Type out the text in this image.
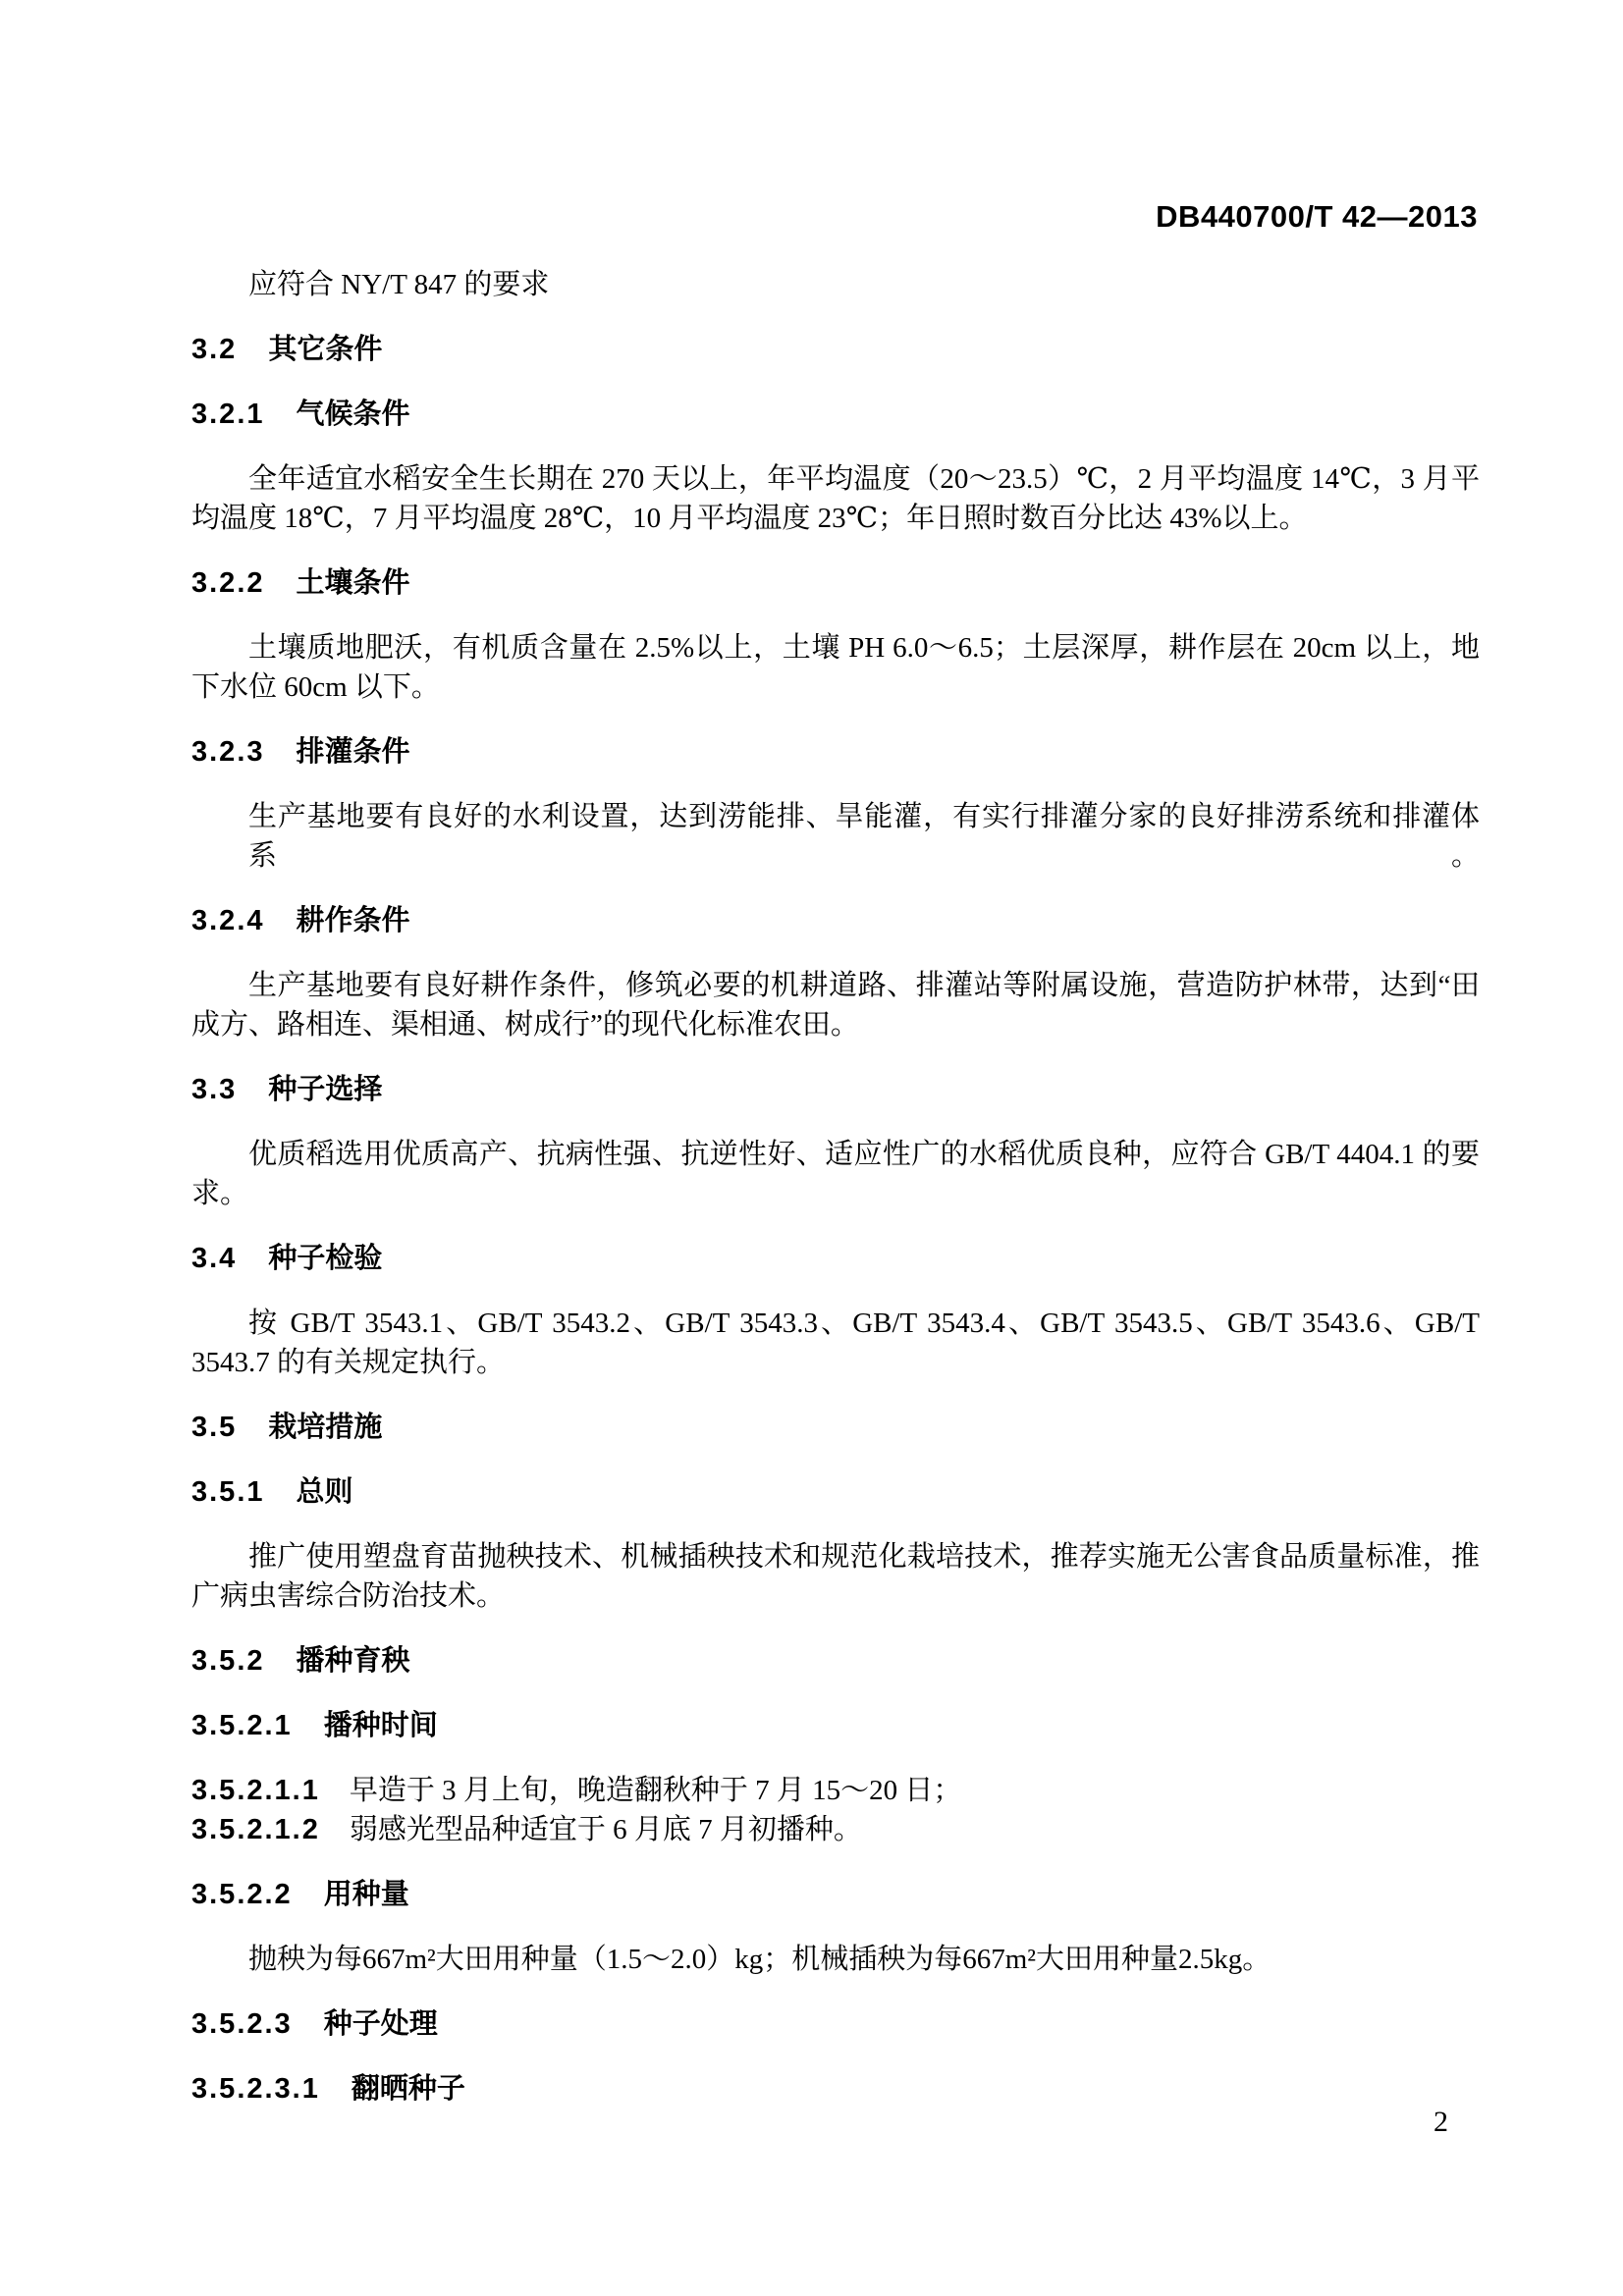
DB440700/T 42—2013
应符合 NY/T 847 的要求
3.2 其它条件
3.2.1 气候条件
全年适宜水稻安全生长期在 270 天以上，年平均温度（20～23.5）℃，2 月平均温度 14℃，3 月平
均温度 18℃，7 月平均温度 28℃，10 月平均温度 23℃；年日照时数百分比达 43%以上。
3.2.2 土壤条件
土壤质地肥沃，有机质含量在 2.5%以上，土壤 PH 6.0～6.5；土层深厚，耕作层在 20cm 以上，地
下水位 60cm 以下。
3.2.3 排灌条件
生产基地要有良好的水利设置，达到涝能排、旱能灌，有实行排灌分家的良好排涝系统和排灌体系。
3.2.4 耕作条件
生产基地要有良好耕作条件，修筑必要的机耕道路、排灌站等附属设施，营造防护林带，达到“田
成方、路相连、渠相通、树成行”的现代化标准农田。
3.3 种子选择
优质稻选用优质高产、抗病性强、抗逆性好、适应性广的水稻优质良种，应符合 GB/T 4404.1 的要
求。
3.4 种子检验
按 GB/T 3543.1、GB/T 3543.2、GB/T 3543.3、GB/T 3543.4、GB/T 3543.5、GB/T 3543.6、GB/T
3543.7 的有关规定执行。
3.5 栽培措施
3.5.1 总则
推广使用塑盘育苗抛秧技术、机械插秧技术和规范化栽培技术，推荐实施无公害食品质量标准，推
广病虫害综合防治技术。
3.5.2 播种育秧
3.5.2.1 播种时间
3.5.2.1.1 早造于 3 月上旬，晚造翻秋种于 7 月 15～20 日；
3.5.2.1.2 弱感光型品种适宜于 6 月底 7 月初播种。
3.5.2.2 用种量
抛秧为每667m²大田用种量（1.5～2.0）kg；机械插秧为每667m²大田用种量2.5kg。
3.5.2.3 种子处理
3.5.2.3.1 翻晒种子
2
